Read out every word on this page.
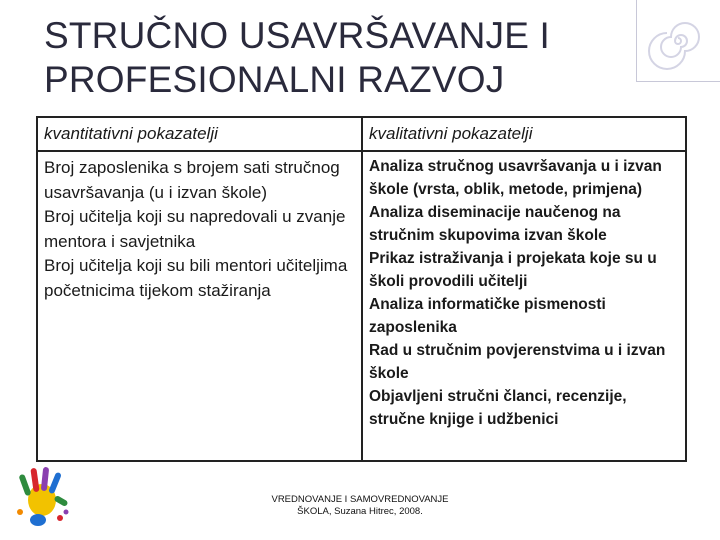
STRUČNO USAVRŠAVANJE I
PROFESIONALNI RAZVOJ
kvantitativni pokazatelji	kvalitativni pokazatelji
Broj zaposlenika s brojem sati stručnog usavršavanja (u i izvan škole)
Broj učitelja koji su napredovali u zvanje mentora i savjetnika
Broj učitelja koji su bili mentori učiteljima početnicima tijekom stažiranja
Analiza stručnog usavršavanja u i izvan škole (vrsta, oblik, metode, primjena)
Analiza diseminacije naučenog na stručnim skupovima izvan škole
Prikaz istraživanja i projekata koje su u školi provodili učitelji
Analiza informatičke pismenosti zaposlenika
Rad u stručnim povjerenstvima u i izvan škole
Objavljeni stručni članci, recenzije, stručne knjige i udžbenici
VREDNOVANJE I SAMOVREDNOVANJE
ŠKOLA, Suzana Hitrec, 2008.
